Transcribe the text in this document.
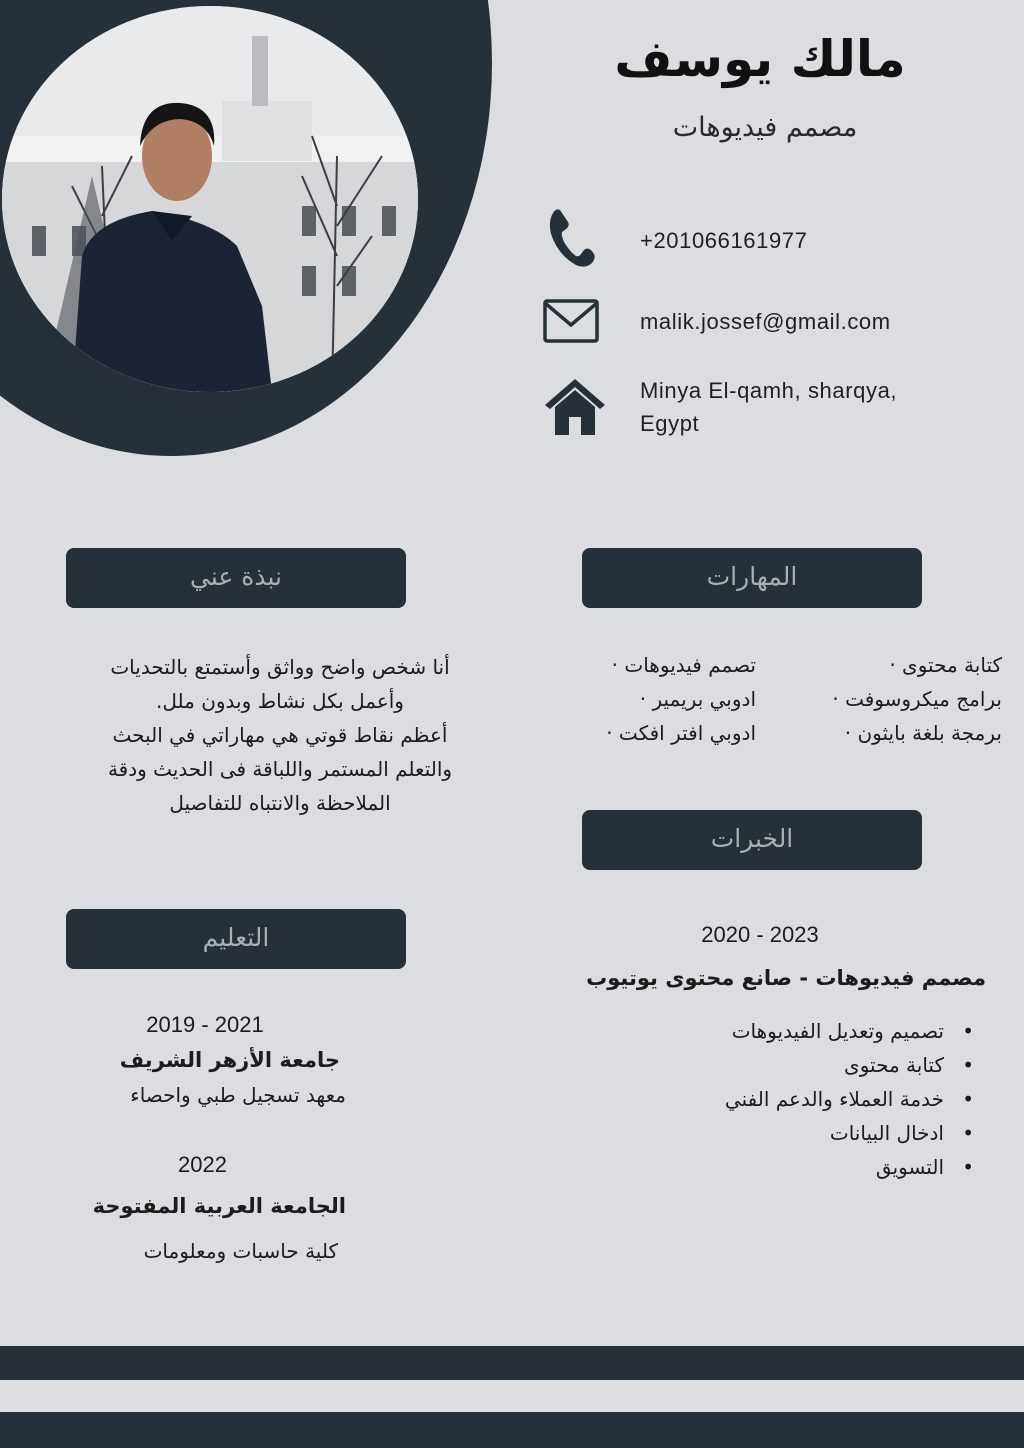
مالك يوسف
مصمم فيديوهات
+201066161977
malik.jossef@gmail.com
Minya El-qamh, sharqya,
Egypt
نبذة عني	المهارات
الخبرات
التعليم
أنا شخص واضح وواثق وأستمتع بالتحديات
وأعمل بكل نشاط وبدون ملل.
أعظم نقاط قوتي هي مهاراتي في البحث
والتعلم المستمر واللباقة فى الحديث ودقة
الملاحظة والانتباه للتفاصيل
كتابة محتوى ·
برامج ميكروسوفت ·
برمجة بلغة بايثون ·
تصمم فيديوهات ·
ادوبي بريمير ·
ادوبي افتر افكت ·
2020 - 2023
مصمم فيديوهات - صانع محتوى يوتيوب
• تصميم وتعديل الفيديوهات
• كتابة محتوى
• خدمة العملاء والدعم الفني
• ادخال البيانات
• التسويق
2019 - 2021
جامعة الأزهر الشريف
معهد تسجيل طبي واحصاء
2022
الجامعة العربية المفتوحة
كلية حاسبات ومعلومات
